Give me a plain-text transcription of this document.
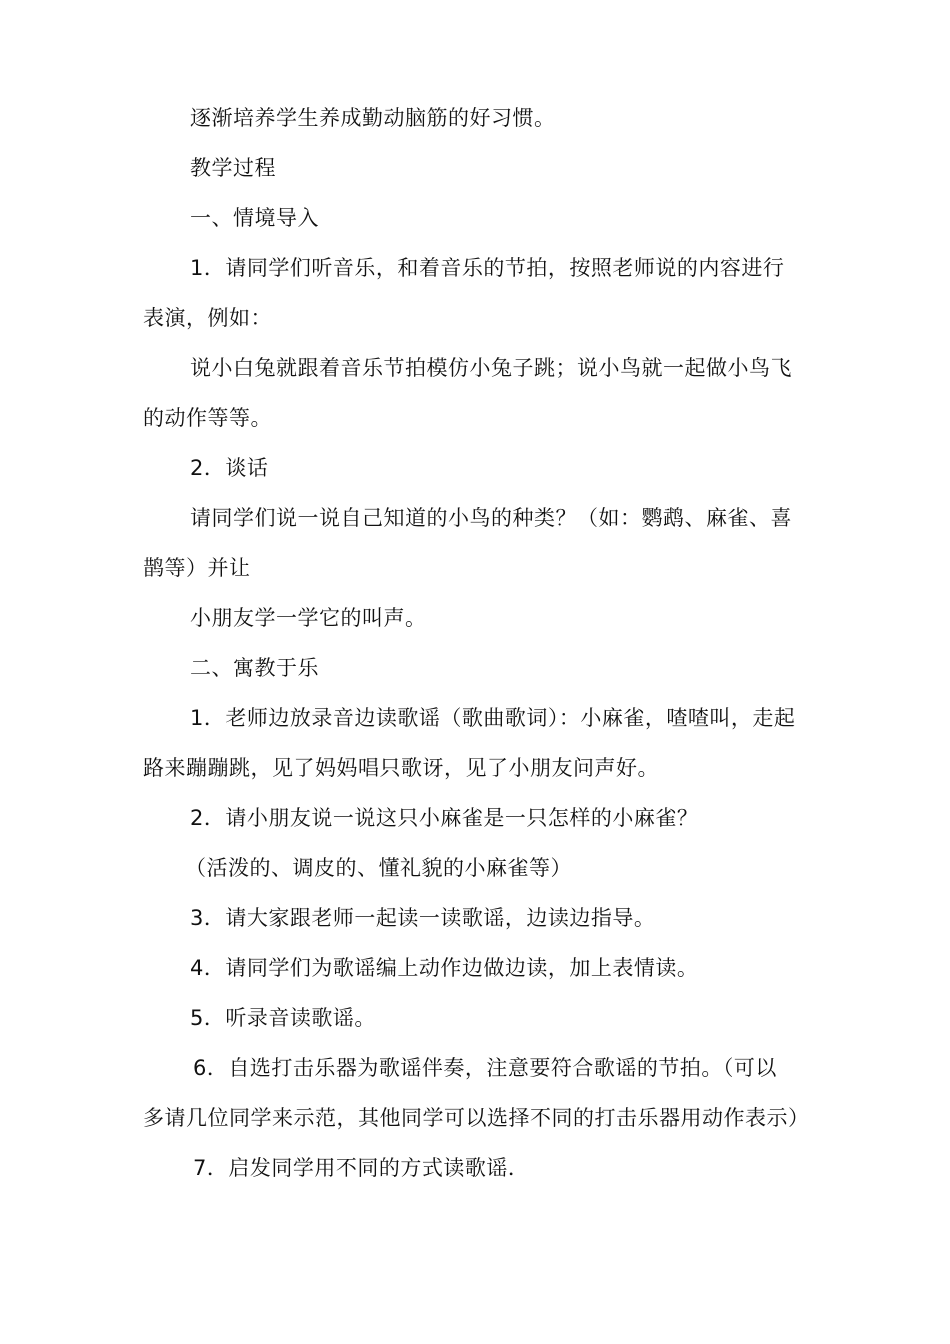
逐渐培养学生养成勤动脑筋的好习惯。
教学过程
一、情境导入
1．请同学们听音乐，和着音乐的节拍，按照老师说的内容进行
表演，例如：
说小白兔就跟着音乐节拍模仿小兔子跳；说小鸟就一起做小鸟飞
的动作等等。
2．谈话
请同学们说一说自己知道的小鸟的种类？（如：鹦鹉、麻雀、喜
鹊等）并让
小朋友学一学它的叫声。
二、寓教于乐
1．老师边放录音边读歌谣（歌曲歌词）：小麻雀，喳喳叫，走起
路来蹦蹦跳，见了妈妈唱只歌讶，见了小朋友问声好。
2．请小朋友说一说这只小麻雀是一只怎样的小麻雀？
（活泼的、调皮的、懂礼貌的小麻雀等）
3．请大家跟老师一起读一读歌谣，边读边指导。
4．请同学们为歌谣编上动作边做边读，加上表情读。
5．听录音读歌谣。
6．自选打击乐器为歌谣伴奏，注意要符合歌谣的节拍。（可以
多请几位同学来示范，其他同学可以选择不同的打击乐器用动作表示）
7．启发同学用不同的方式读歌谣．
